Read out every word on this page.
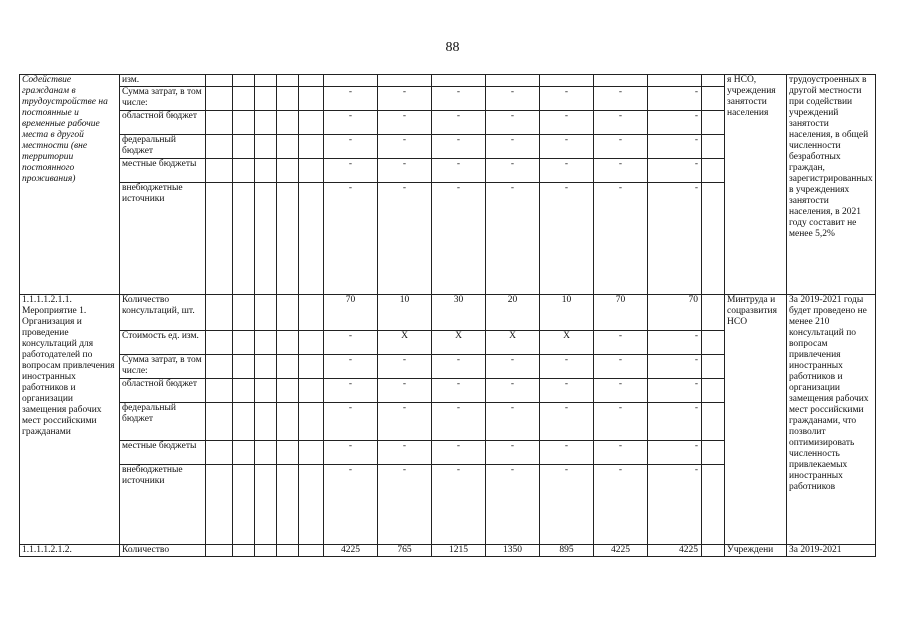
88
Содействие гражданам в трудоустройстве на постоянные и временные рабочие места в другой местности (вне территории постоянного проживания)	изм.														я НСО, учреждения занятости населения	трудоустроенных в другой местности при содействии учреждений занятости населения, в общей численности безработных граждан, зарегистрированных в учреждениях занятости населения, в 2021 году составит не менее 5,2%
	Сумма затрат, в том числе:						-	-	-	-	-	-	-			
	областной бюджет						-	-	-	-	-	-	-			
	федеральный бюджет						-	-	-	-	-	-	-			
	местные бюджеты						-	-	-	-	-	-	-			
	внебюджетные источники						-	-	-	-	-	-	-			
1.1.1.1.2.1.1. Мероприятие 1. Организация и проведение консультаций для работодателей по вопросам привлечения иностранных работников и организации замещения рабочих мест российскими гражданами	Количество консультаций, шт.						70	10	30	20	10	70	70		Минтруда и соцразвития НСО	За 2019-2021 годы будет проведено не менее 210 консультаций по вопросам привлечения иностранных работников и организации замещения рабочих мест российскими гражданами, что позволит оптимизировать численность привлекаемых иностранных работников
	Стоимость ед. изм.						-	X	X	X	X	-	-			
	Сумма затрат, в том числе:						-	-	-	-	-	-	-			
	областной бюджет						-	-	-	-	-	-	-			
	федеральный бюджет						-	-	-	-	-	-	-			
	местные бюджеты						-	-	-	-	-	-	-			
	внебюджетные источники						-	-	-	-	-	-	-			
1.1.1.1.2.1.2.	Количество						4225	765	1215	1350	895	4225	4225		Учреждени	За 2019-2021
